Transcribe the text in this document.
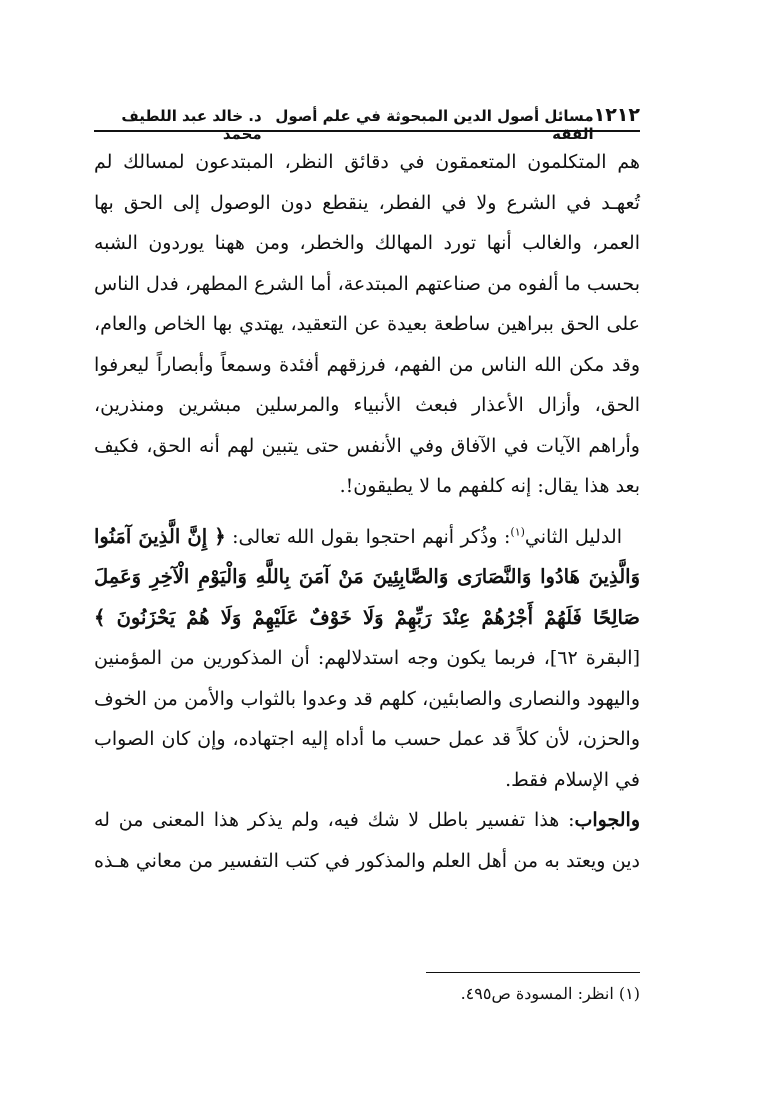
١٢١٢
مسائل أصول الدين المبحوثة في علم أصول الفقه
د. خالد عبد اللطيف محمد

هم المتكلمون المتعمقون في دقائق النظر، المبتدعون لمسالك لم تُعهـد في الشرع ولا في الفطر، ينقطع دون الوصول إلى الحق بها العمر، والغالب أنها تورد المهالك والخطر، ومن ههنا يوردون الشبه بحسب ما ألفوه من صناعتهم المبتدعة، أما الشرع المطهر، فدل الناس على الحق ببراهين ساطعة بعيدة عن التعقيد، يهتدي بها الخاص والعام، وقد مكن الله الناس من الفهم، فرزقهم أفئدة وسمعاً وأبصاراً ليعرفوا الحق، وأزال الأعذار فبعث الأنبياء والمرسلين مبشرين ومنذرين، وأراهم الآيات في الآفاق وفي الأنفس حتى يتبين لهم أنه الحق، فكيف بعد هذا يقال: إنه كلفهم ما لا يطيقون!.

الدليل الثاني$^{(١)}$: وذُكر أنهم احتجوا بقول الله تعالى: ﴿ إِنَّ الَّذِينَ آمَنُوا وَالَّذِينَ هَادُوا وَالنَّصَارَى وَالصَّابِئِينَ مَنْ آمَنَ بِاللَّهِ وَالْيَوْمِ الْآخِرِ وَعَمِلَ صَالِحًا فَلَهُمْ أَجْرُهُمْ عِنْدَ رَبِّهِمْ وَلَا خَوْفٌ عَلَيْهِمْ وَلَا هُمْ يَحْزَنُونَ ﴾ [البقرة ٦٢]، فربما يكون وجه استدلالهم: أن المذكورين من المؤمنين واليهود والنصارى والصابئين، كلهم قد وعدوا بالثواب والأمن من الخوف والحزن، لأن كلاً قد عمل حسب ما أداه إليه اجتهاده، وإن كان الصواب في الإسلام فقط.

والجواب: هذا تفسير باطل لا شك فيه، ولم يذكر هذا المعنى من له دين ويعتد به من أهل العلم والمذكور في كتب التفسير من معاني هـذه

(١) انظر: المسودة ص٤٩٥.
